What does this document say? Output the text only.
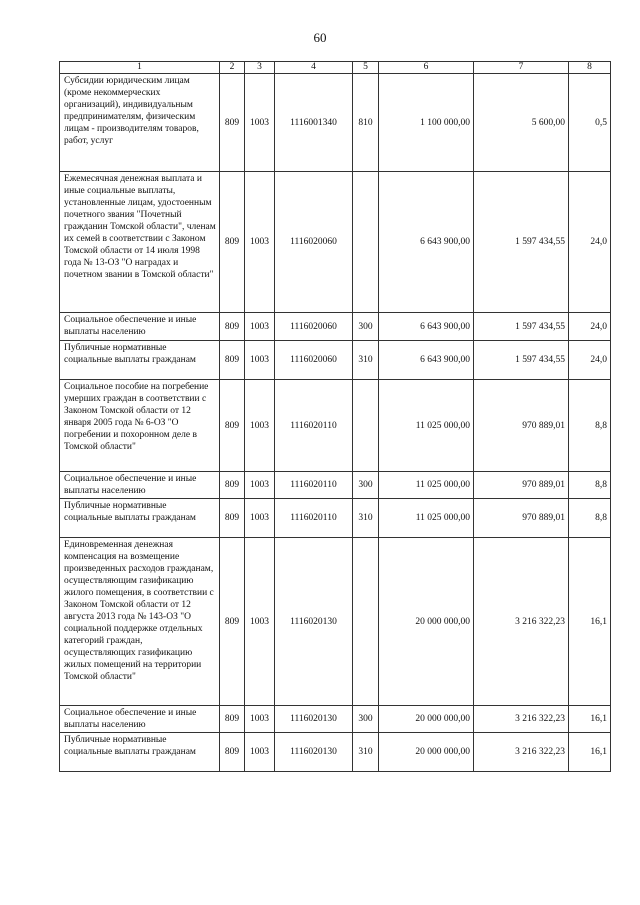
60
1	2	3	4	5	6	7	8
Субсидии юридическим лицам (кроме некоммерческих организаций), индивидуальным предпринимателям, физическим лицам - производителям товаров, работ, услуг	809	1003	1116001340	810	1 100 000,00	5 600,00	0,5
Ежемесячная денежная выплата и иные социальные выплаты, установленные лицам, удостоенным почетного звания "Почетный гражданин Томской области", членам их семей в соответствии с Законом Томской области от 14 июля 1998 года № 13-ОЗ "О наградах и почетном звании в Томской области"	809	1003	1116020060		6 643 900,00	1 597 434,55	24,0
Социальное обеспечение и иные выплаты населению	809	1003	1116020060	300	6 643 900,00	1 597 434,55	24,0
Публичные нормативные социальные выплаты гражданам	809	1003	1116020060	310	6 643 900,00	1 597 434,55	24,0
Социальное пособие на погребение умерших граждан в соответствии с Законом Томской области от 12 января 2005 года № 6-ОЗ "О погребении и похоронном деле в Томской области"	809	1003	1116020110		11 025 000,00	970 889,01	8,8
Социальное обеспечение и иные выплаты населению	809	1003	1116020110	300	11 025 000,00	970 889,01	8,8
Публичные нормативные социальные выплаты гражданам	809	1003	1116020110	310	11 025 000,00	970 889,01	8,8
Единовременная денежная компенсация на возмещение произведенных расходов гражданам, осуществляющим газификацию жилого помещения, в соответствии с Законом Томской области от 12 августа 2013 года № 143-ОЗ "О социальной поддержке отдельных категорий граждан, осуществляющих газификацию жилых помещений на территории Томской области"	809	1003	1116020130		20 000 000,00	3 216 322,23	16,1
Социальное обеспечение и иные выплаты населению	809	1003	1116020130	300	20 000 000,00	3 216 322,23	16,1
Публичные нормативные социальные выплаты гражданам	809	1003	1116020130	310	20 000 000,00	3 216 322,23	16,1
